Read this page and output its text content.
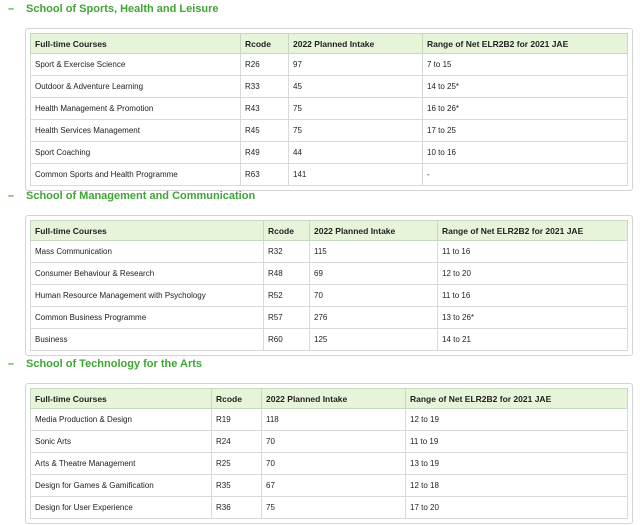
– School of Sports, Health and Leisure
Full-time Courses	Rcode	2022 Planned Intake	Range of Net ELR2B2 for 2021 JAE
Sport & Exercise Science	R26	97	7 to 15
Outdoor & Adventure Learning	R33	45	14 to 25*
Health Management & Promotion	R43	75	16 to 26*
Health Services Management	R45	75	17 to 25
Sport Coaching	R49	44	10 to 16
Common Sports and Health Programme	R63	141	-
– School of Management and Communication
Full-time Courses	Rcode	2022 Planned Intake	Range of Net ELR2B2 for 2021 JAE
Mass Communication	R32	115	11 to 16
Consumer Behaviour & Research	R48	69	12 to 20
Human Resource Management with Psychology	R52	70	11 to 16
Common Business Programme	R57	276	13 to 26*
Business	R60	125	14 to 21
– School of Technology for the Arts
Full-time Courses	Rcode	2022 Planned Intake	Range of Net ELR2B2 for 2021 JAE
Media Production & Design	R19	118	12 to 19
Sonic Arts	R24	70	11 to 19
Arts & Theatre Management	R25	70	13 to 19
Design for Games & Gamification	R35	67	12 to 18
Design for User Experience	R36	75	17 to 20
